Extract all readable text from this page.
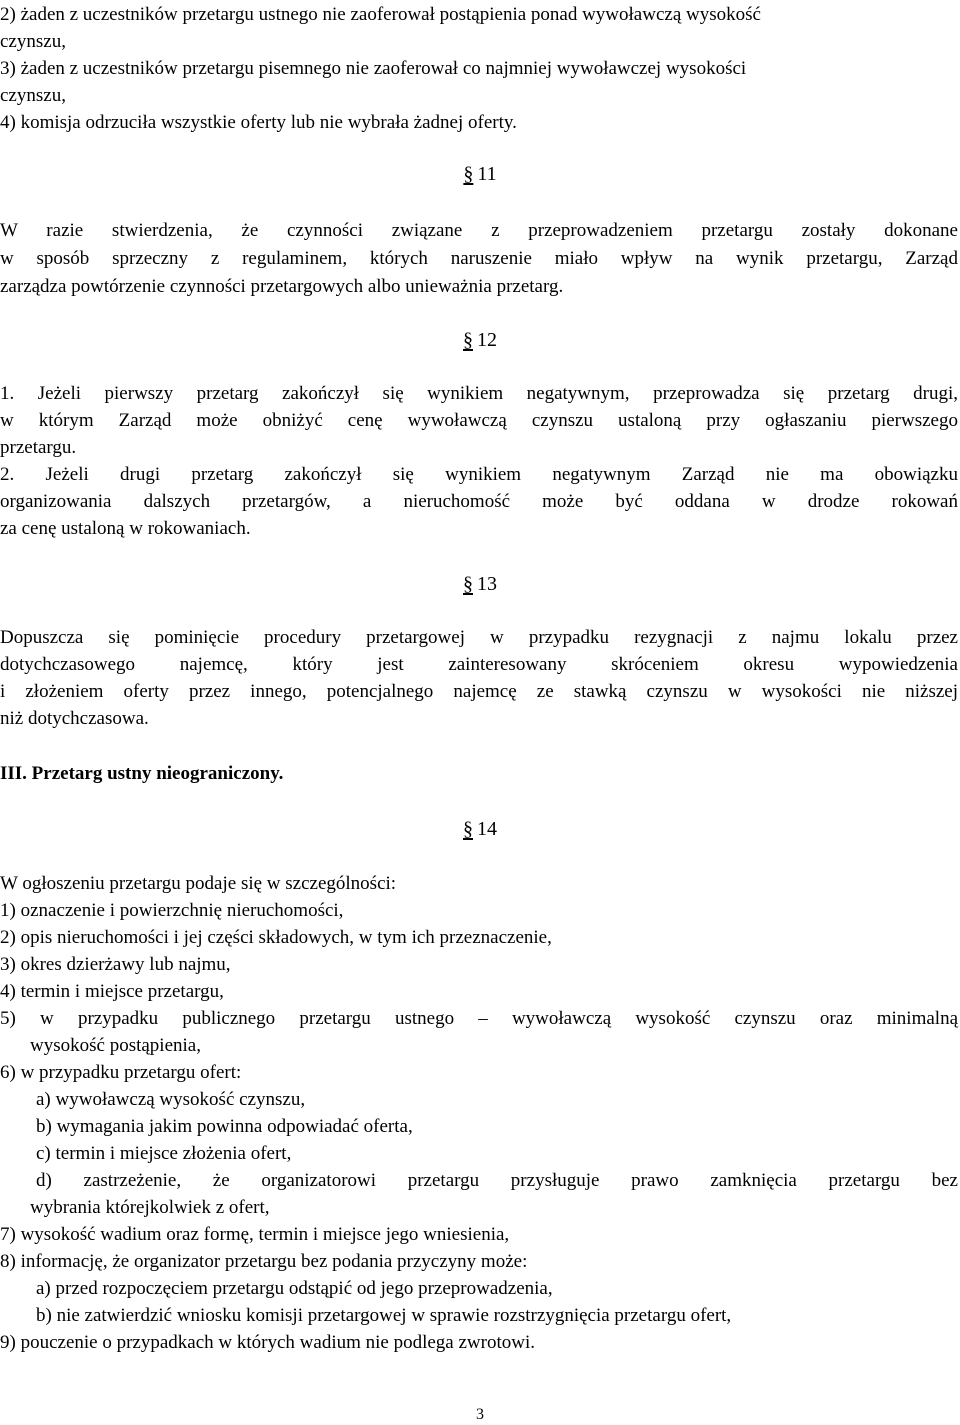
2) żaden z uczestników przetargu ustnego nie zaoferował postąpienia ponad wywoławczą wysokość
czynszu,
3) żaden z uczestników przetargu pisemnego nie zaoferował co najmniej wywoławczej wysokości
czynszu,
4) komisja odrzuciła wszystkie oferty lub nie wybrała żadnej oferty.
§ 11
W razie stwierdzenia, że czynności związane z przeprowadzeniem przetargu zostały dokonane
w sposób sprzeczny z regulaminem, których naruszenie miało wpływ na wynik przetargu, Zarząd
zarządza powtórzenie czynności przetargowych albo unieważnia przetarg.
§ 12
1. Jeżeli pierwszy przetarg zakończył się wynikiem negatywnym, przeprowadza się przetarg drugi,
w którym Zarząd może obniżyć cenę wywoławczą czynszu ustaloną przy ogłaszaniu pierwszego
przetargu.
2. Jeżeli drugi przetarg zakończył się wynikiem negatywnym Zarząd nie ma obowiązku
organizowania dalszych przetargów, a nieruchomość może być oddana w drodze rokowań
za cenę ustaloną w rokowaniach.
§ 13
Dopuszcza się pominięcie procedury przetargowej w przypadku rezygnacji z najmu lokalu przez
dotychczasowego najemcę, który jest zainteresowany skróceniem okresu wypowiedzenia
i złożeniem oferty przez innego, potencjalnego najemcę ze stawką czynszu w wysokości nie niższej
niż dotychczasowa.
III. Przetarg ustny nieograniczony.
§ 14
W ogłoszeniu przetargu podaje się w szczególności:
1) oznaczenie i powierzchnię nieruchomości,
2) opis nieruchomości i jej części składowych, w tym ich przeznaczenie,
3) okres dzierżawy lub najmu,
4) termin i miejsce przetargu,
5) w przypadku publicznego przetargu ustnego – wywoławczą wysokość czynszu oraz minimalną
wysokość postąpienia,
6) w przypadku przetargu ofert:
a) wywoławczą wysokość czynszu,
b) wymagania jakim powinna odpowiadać oferta,
c) termin i miejsce złożenia ofert,
d) zastrzeżenie, że organizatorowi przetargu przysługuje prawo zamknięcia przetargu bez
wybrania którejkolwiek z ofert,
7) wysokość wadium oraz formę, termin i miejsce jego wniesienia,
8) informację, że organizator przetargu bez podania przyczyny może:
a) przed rozpoczęciem przetargu odstąpić od jego przeprowadzenia,
b) nie zatwierdzić wniosku komisji przetargowej w sprawie rozstrzygnięcia przetargu ofert,
9) pouczenie o przypadkach w których wadium nie podlega zwrotowi.
3
